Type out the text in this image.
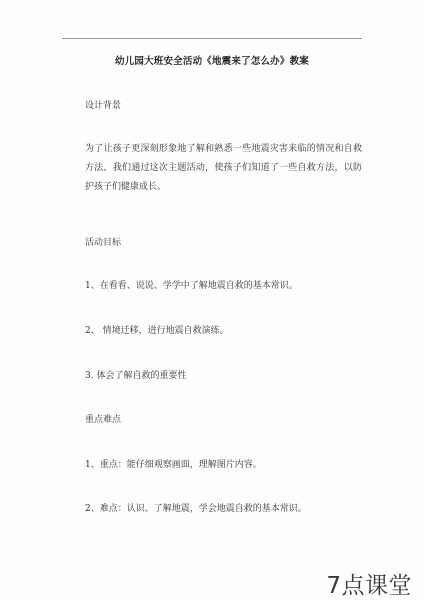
幼儿园大班安全活动《地震来了怎么办》教案
设计背景

为了让孩子更深刻形象地了解和熟悉一些地震灾害来临的情况和自救方法，我们通过这次主题活动，使孩子们知道了一些自救方法，以防护孩子们健康成长。

活动目标
1、在看看、说说、学学中了解地震自救的基本常识。
2、 情境迁移，进行地震自救演练。
3. 体会了解自救的重要性
重点难点
1、重点：能仔细观察画面，理解图片内容。
2、难点：认识、了解地震，学会地震自救的基本常识。
7点课堂
